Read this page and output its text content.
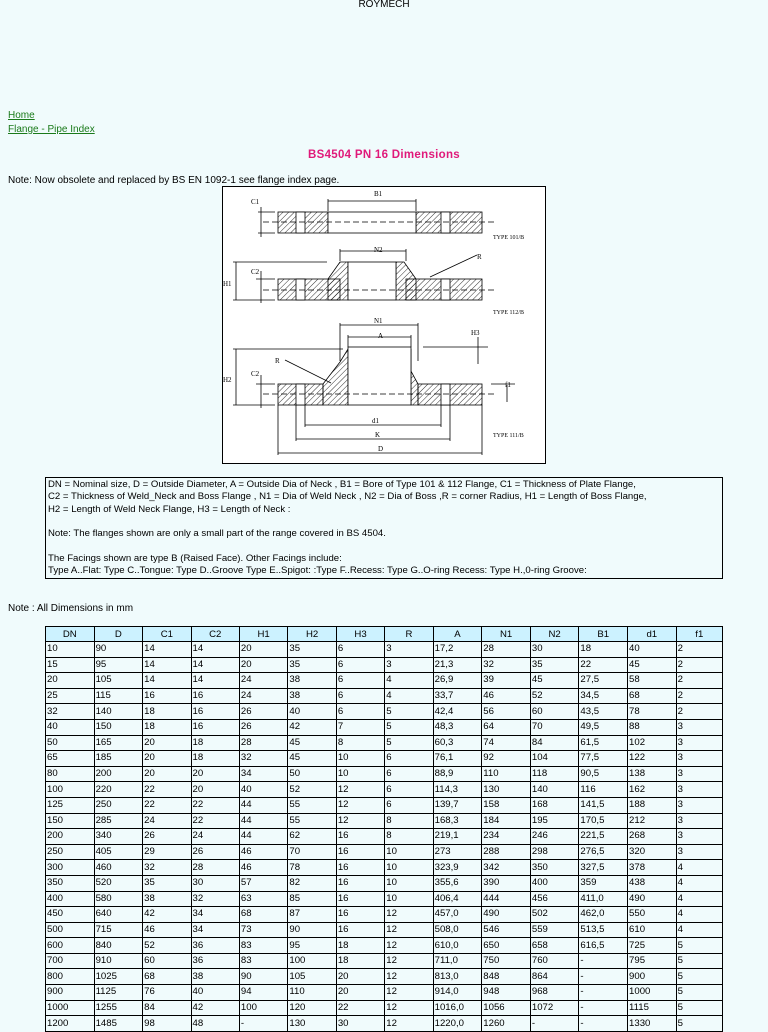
ROYMECH
Home
Flange - Pipe Index
BS4504 PN 16 Dimensions
Note: Now obsolete and replaced by BS EN 1092-1 see flange index page.
B1
C1
TYPE 101/B
N2
C2
H1
R
TYPE 112/B
N1
A	H3
H2
R
C2
f1
d1
K
D
TYPE 111/B

DN = Nominal size, D = Outside Diameter, A = Outside Dia of Neck , B1 = Bore of Type 101 & 112 Flange, C1 = Thickness of Plate Flange,

C2 = Thickness of Weld_Neck and Boss Flange , N1 = Dia of Weld Neck , N2 = Dia of Boss ,R = corner Radius, H1 = Length of Boss Flange,

H2 = Length of Weld Neck Flange, H3 = Length of Neck :

Note: The flanges shown are only a small part of the range covered in BS 4504.

The Facings shown are type B (Raised Face). Other Facings include:

Type A..Flat: Type C..Tongue: Type D..Groove Type E..Spigot: :Type F..Recess: Type G..O-ring Recess: Type H.,0-ring Groove:

Note : All Dimensions in mm
DN	D	C1	C2	H1	H2	H3	R	A	N1	N2	B1	d1	f1
10	90	14	14	20	35	6	3	17,2	28	30	18	40	2
15	95	14	14	20	35	6	3	21,3	32	35	22	45	2
20	105	14	14	24	38	6	4	26,9	39	45	27,5	58	2
25	115	16	16	24	38	6	4	33,7	46	52	34,5	68	2
32	140	18	16	26	40	6	5	42,4	56	60	43,5	78	2
40	150	18	16	26	42	7	5	48,3	64	70	49,5	88	3
50	165	20	18	28	45	8	5	60,3	74	84	61,5	102	3
65	185	20	18	32	45	10	6	76,1	92	104	77,5	122	3
80	200	20	20	34	50	10	6	88,9	110	118	90,5	138	3
100	220	22	20	40	52	12	6	114,3	130	140	116	162	3
125	250	22	22	44	55	12	6	139,7	158	168	141,5	188	3
150	285	24	22	44	55	12	8	168,3	184	195	170,5	212	3
200	340	26	24	44	62	16	8	219,1	234	246	221,5	268	3
250	405	29	26	46	70	16	10	273	288	298	276,5	320	3
300	460	32	28	46	78	16	10	323,9	342	350	327,5	378	4
350	520	35	30	57	82	16	10	355,6	390	400	359	438	4
400	580	38	32	63	85	16	10	406,4	444	456	411,0	490	4
450	640	42	34	68	87	16	12	457,0	490	502	462,0	550	4
500	715	46	34	73	90	16	12	508,0	546	559	513,5	610	4
600	840	52	36	83	95	18	12	610,0	650	658	616,5	725	5
700	910	60	36	83	100	18	12	711,0	750	760	-	795	5
800	1025	68	38	90	105	20	12	813,0	848	864	-	900	5
900	1125	76	40	94	110	20	12	914,0	948	968	-	1000	5
1000	1255	84	42	100	120	22	12	1016,0	1056	1072	-	1115	5
1200	1485	98	48	-	130	30	12	1220,0	1260	-	-	1330	5
